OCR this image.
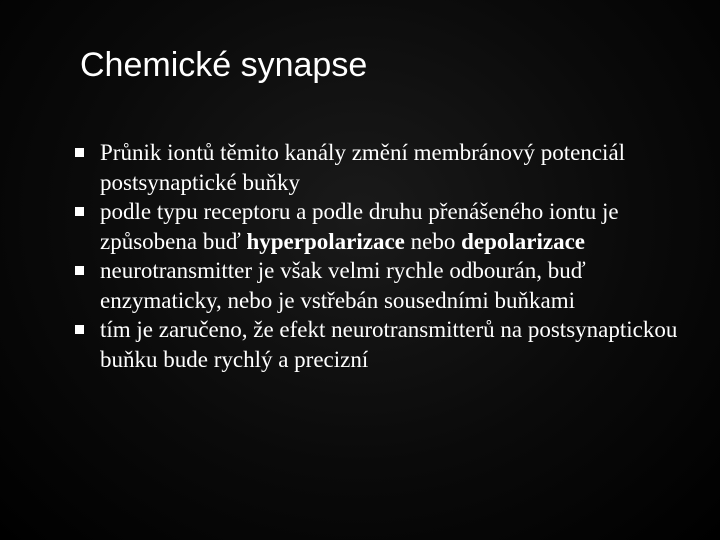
Chemické synapse
Průnik iontů těmito kanály změní membránový potenciál postsynaptické buňky
podle typu receptoru a podle druhu přenášeného iontu je způsobena buď hyperpolarizace nebo depolarizace
neurotransmitter je však velmi rychle odbourán, buď enzymaticky, nebo je vstřebán sousedními buňkami
tím je zaručeno, že efekt neurotransmitterů na postsynaptickou buňku bude rychlý a precizní
